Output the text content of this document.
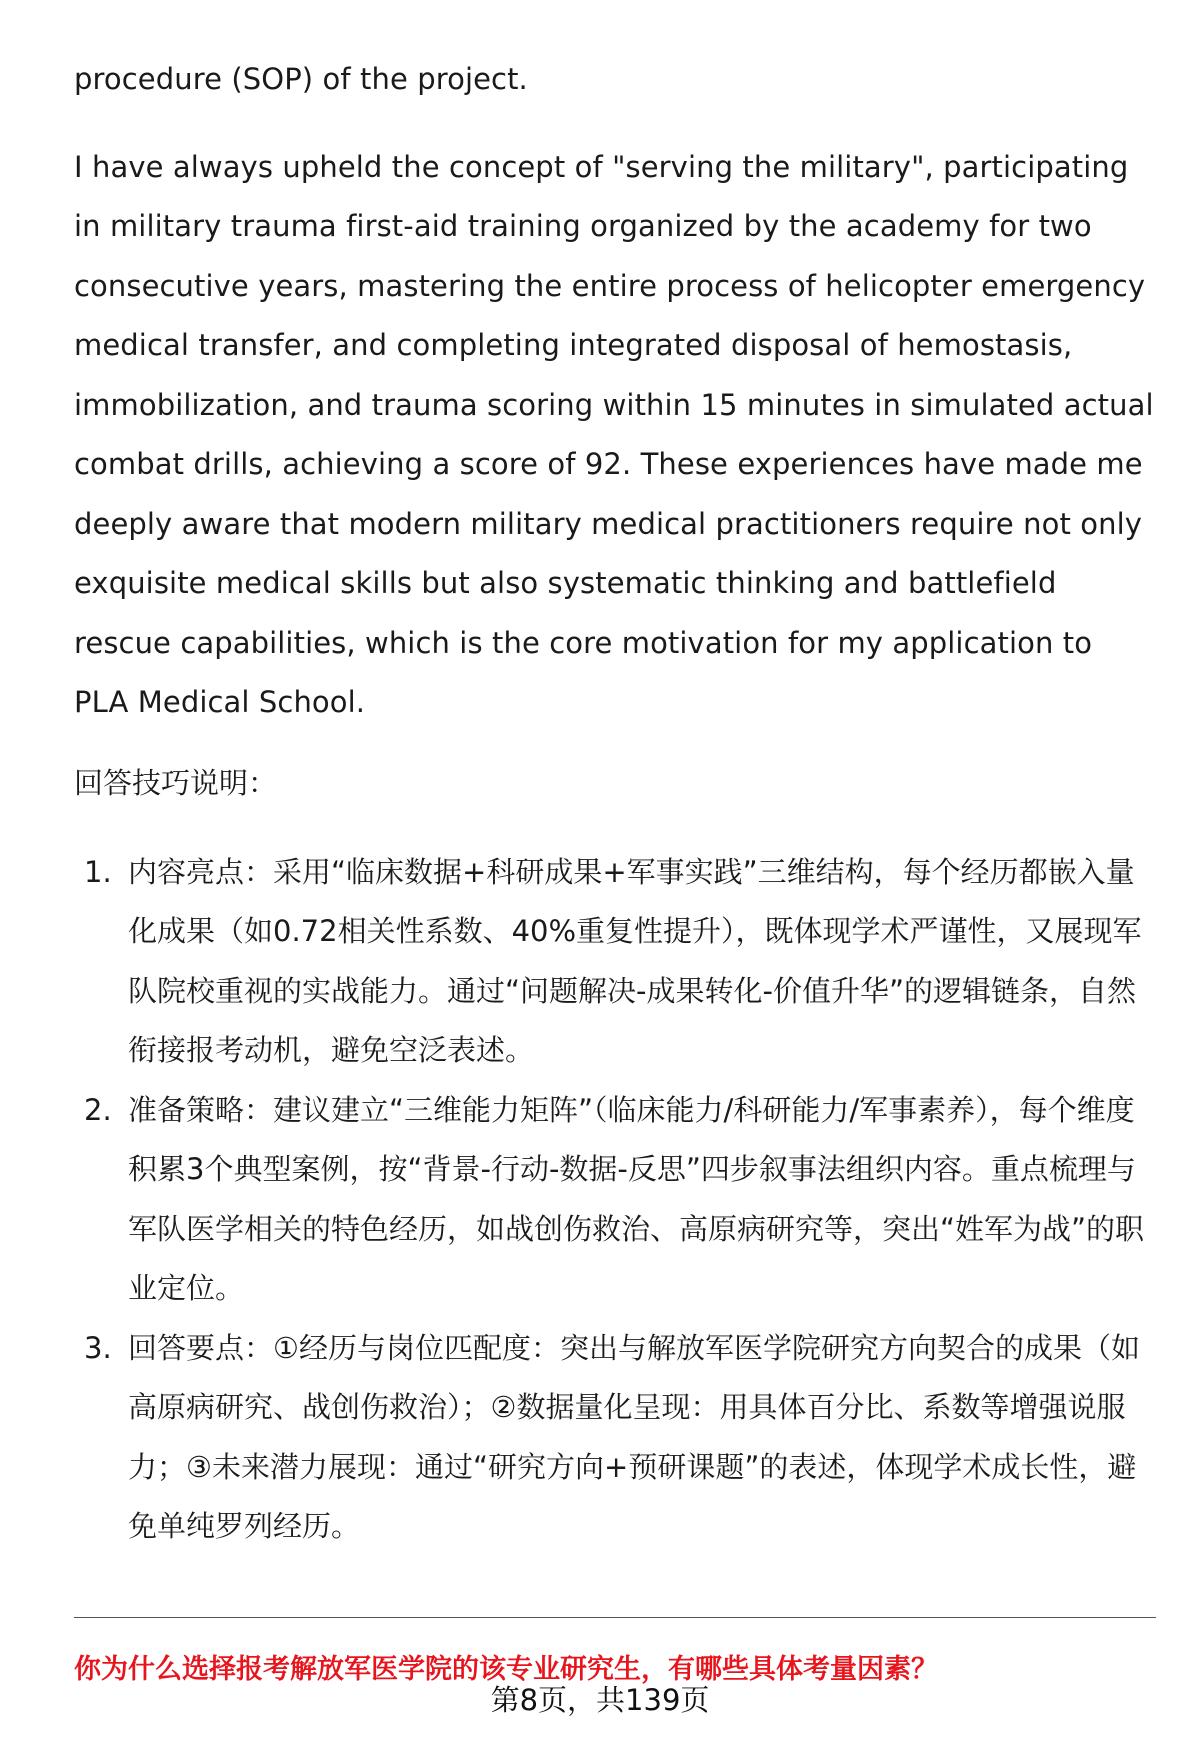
procedure (SOP) of the project.

I have always upheld the concept of "serving the military", participating in military trauma first-aid training organized by the academy for two consecutive years, mastering the entire process of helicopter emergency medical transfer, and completing integrated disposal of hemostasis, immobilization, and trauma scoring within 15 minutes in simulated actual combat drills, achieving a score of 92. These experiences have made me deeply aware that modern military medical practitioners require not only exquisite medical skills but also systematic thinking and battlefield rescue capabilities, which is the core motivation for my application to PLA Medical School.

回答技巧说明：
1. 内容亮点：采用“临床数据+科研成果+军事实践”三维结构，每个经历都嵌入量化成果（如0.72相关性系数、40%重复性提升），既体现学术严谨性，又展现军队院校重视的实战能力。通过“问题解决-成果转化-价值升华”的逻辑链条，自然衔接报考动机，避免空泛表述。
2. 准备策略：建议建立“三维能力矩阵”（临床能力/科研能力/军事素养），每个维度积累3个典型案例，按“背景-行动-数据-反思”四步叙事法组织内容。重点梳理与军队医学相关的特色经历，如战创伤救治、高原病研究等，突出“姓军为战”的职业定位。
3. 回答要点：①经历与岗位匹配度：突出与解放军医学院研究方向契合的成果（如高原病研究、战创伤救治）；②数据量化呈现：用具体百分比、系数等增强说服力；③未来潜力展现：通过“研究方向+预研课题”的表述，体现学术成长性，避免单纯罗列经历。
你为什么选择报考解放军医学院的该专业研究生，有哪些具体考量因素？
第8页，共139页
